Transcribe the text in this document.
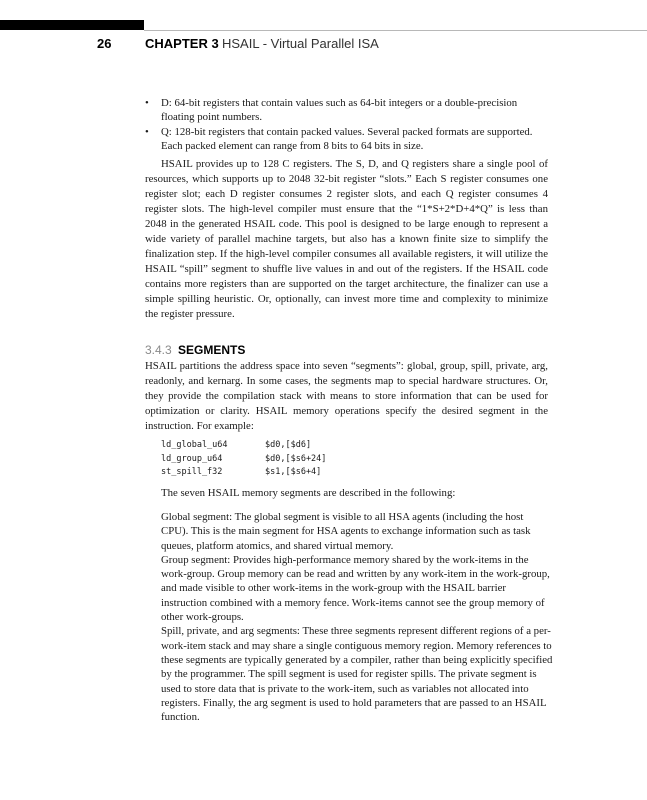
26	CHAPTER 3 HSAIL - Virtual Parallel ISA
• D: 64-bit registers that contain values such as 64-bit integers or a double-precision floating point numbers.
• Q: 128-bit registers that contain packed values. Several packed formats are supported. Each packed element can range from 8 bits to 64 bits in size.

HSAIL provides up to 128 C registers. The S, D, and Q registers share a single pool of resources, which supports up to 2048 32-bit register “slots.” Each S register consumes one register slot; each D register consumes 2 register slots, and each Q register consumes 4 register slots. The high-level compiler must ensure that the “1*S+2*D+4*Q” is less than 2048 in the generated HSAIL code. This pool is designed to be large enough to represent a wide variety of parallel machine targets, but also has a known finite size to simplify the finalization step. If the high-level compiler consumes all available registers, it will utilize the HSAIL “spill” segment to shuffle live values in and out of the registers. If the HSAIL code contains more registers than are supported on the target architecture, the finalizer can use a simple spilling heuristic. Or, optionally, can invest more time and complexity to minimize the register pressure.

3.4.3 SEGMENTS

HSAIL partitions the address space into seven “segments”: global, group, spill, private, arg, readonly, and kernarg. In some cases, the segments map to special hardware structures. Or, they provide the compilation stack with means to store information that can be used for optimization or clarity. HSAIL memory operations specify the desired segment in the instruction. For example:

ld_global_u64	$d0,[$d6]
ld_group_u64	$d0,[$s6+24]
st_spill_f32	$s1,[$s6+4]

The seven HSAIL memory segments are described in the following:

Global segment: The global segment is visible to all HSA agents (including the host CPU). This is the main segment for HSA agents to exchange information such as task queues, platform atomics, and shared virtual memory.

Group segment: Provides high-performance memory shared by the work-items in the work-group. Group memory can be read and written by any work-item in the work-group, and made visible to other work-items in the work-group with the HSAIL barrier instruction combined with a memory fence. Work-items cannot see the group memory of other work-groups.

Spill, private, and arg segments: These three segments represent different regions of a per-work-item stack and may share a single contiguous memory region. Memory references to these segments are typically generated by a compiler, rather than being explicitly specified by the programmer. The spill segment is used for register spills. The private segment is used to store data that is private to the work-item, such as variables not allocated into registers. Finally, the arg segment is used to hold parameters that are passed to an HSAIL function.
